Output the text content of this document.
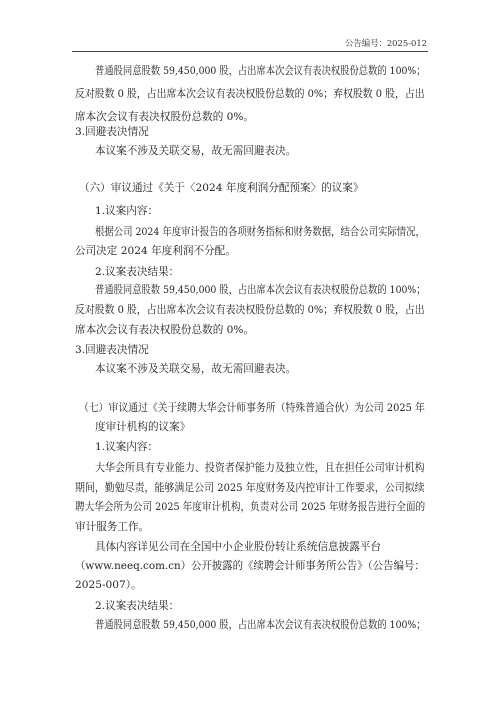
公告编号：2025-012
普通股同意股数 59,450,000 股，占出席本次会议有表决权股份总数的 100%；
反对股数 0 股，占出席本次会议有表决权股份总数的 0%；弃权股数 0 股，占出
席本次会议有表决权股份总数的 0%。
3.回避表决情况
本议案不涉及关联交易，故无需回避表决。
（六）审议通过《关于〈2024 年度利润分配预案〉的议案》
1.议案内容：
根据公司 2024 年度审计报告的各项财务指标和财务数据，结合公司实际情况，
公司决定 2024 年度利润不分配。
2.议案表决结果：
普通股同意股数 59,450,000 股，占出席本次会议有表决权股份总数的 100%；
反对股数 0 股，占出席本次会议有表决权股份总数的 0%；弃权股数 0 股，占出
席本次会议有表决权股份总数的 0%。
3.回避表决情况
本议案不涉及关联交易，故无需回避表决。
（七）审议通过《关于续聘大华会计师事务所（特殊普通合伙）为公司 2025 年
度审计机构的议案》
1.议案内容：
大华会所具有专业能力、投资者保护能力及独立性，且在担任公司审计机构
期间，勤勉尽责，能够满足公司 2025 年度财务及内控审计工作要求，公司拟续
聘大华会所为公司 2025 年度审计机构，负责对公司 2025 年财务报告进行全面的
审计服务工作。
具体内容详见公司在全国中小企业股份转让系统信息披露平台
（www.neeq.com.cn）公开披露的《续聘会计师事务所公告》（公告编号：
2025-007）。
2.议案表决结果：
普通股同意股数 59,450,000 股，占出席本次会议有表决权股份总数的 100%；
